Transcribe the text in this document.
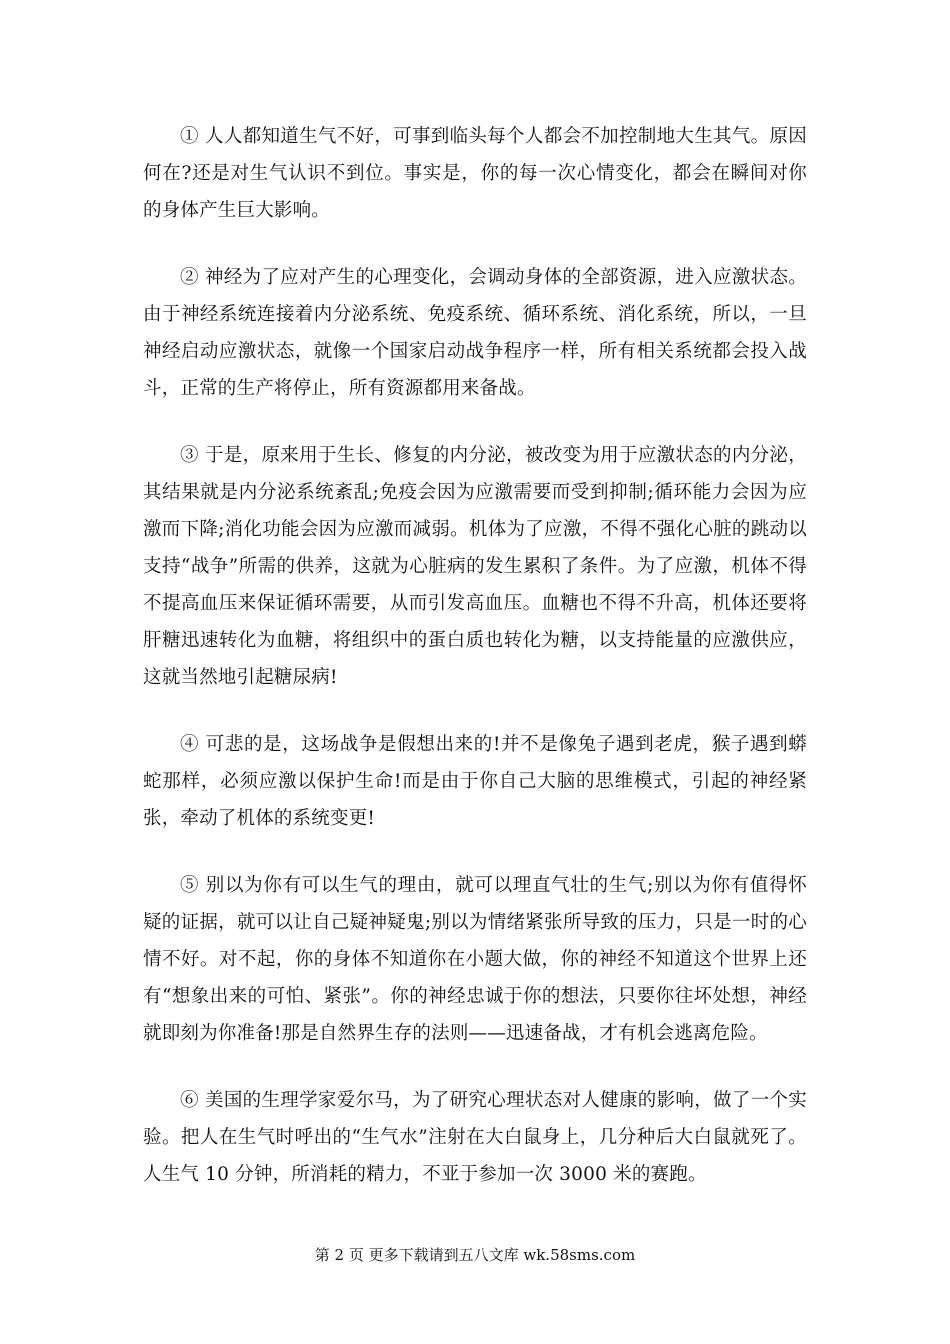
① 人人都知道生气不好，可事到临头每个人都会不加控制地大生其气。原因何在?还是对生气认识不到位。事实是，你的每一次心情变化，都会在瞬间对你的身体产生巨大影响。

② 神经为了应对产生的心理变化，会调动身体的全部资源，进入应激状态。由于神经系统连接着内分泌系统、免疫系统、循环系统、消化系统，所以，一旦神经启动应激状态，就像一个国家启动战争程序一样，所有相关系统都会投入战斗，正常的生产将停止，所有资源都用来备战。

③ 于是，原来用于生长、修复的内分泌，被改变为用于应激状态的内分泌，其结果就是内分泌系统紊乱;免疫会因为应激需要而受到抑制;循环能力会因为应激而下降;消化功能会因为应激而减弱。机体为了应激，不得不强化心脏的跳动以支持“战争”所需的供养，这就为心脏病的发生累积了条件。为了应激，机体不得不提高血压来保证循环需要，从而引发高血压。血糖也不得不升高，机体还要将肝糖迅速转化为血糖，将组织中的蛋白质也转化为糖，以支持能量的应激供应，这就当然地引起糖尿病!

④ 可悲的是，这场战争是假想出来的!并不是像兔子遇到老虎，猴子遇到蟒蛇那样，必须应激以保护生命!而是由于你自己大脑的思维模式，引起的神经紧张，牵动了机体的系统变更!

⑤ 别以为你有可以生气的理由，就可以理直气壮的生气;别以为你有值得怀疑的证据，就可以让自己疑神疑鬼;别以为情绪紧张所导致的压力，只是一时的心情不好。对不起，你的身体不知道你在小题大做，你的神经不知道这个世界上还有“想象出来的可怕、紧张”。你的神经忠诚于你的想法，只要你往坏处想，神经就即刻为你准备!那是自然界生存的法则——迅速备战，才有机会逃离危险。

⑥ 美国的生理学家爱尔马，为了研究心理状态对人健康的影响，做了一个实验。把人在生气时呼出的“生气水”注射在大白鼠身上，几分种后大白鼠就死了。人生气 10 分钟，所消耗的精力，不亚于参加一次 3000 米的赛跑。

第 2 页 更多下载请到五八文库 wk.58sms.com
